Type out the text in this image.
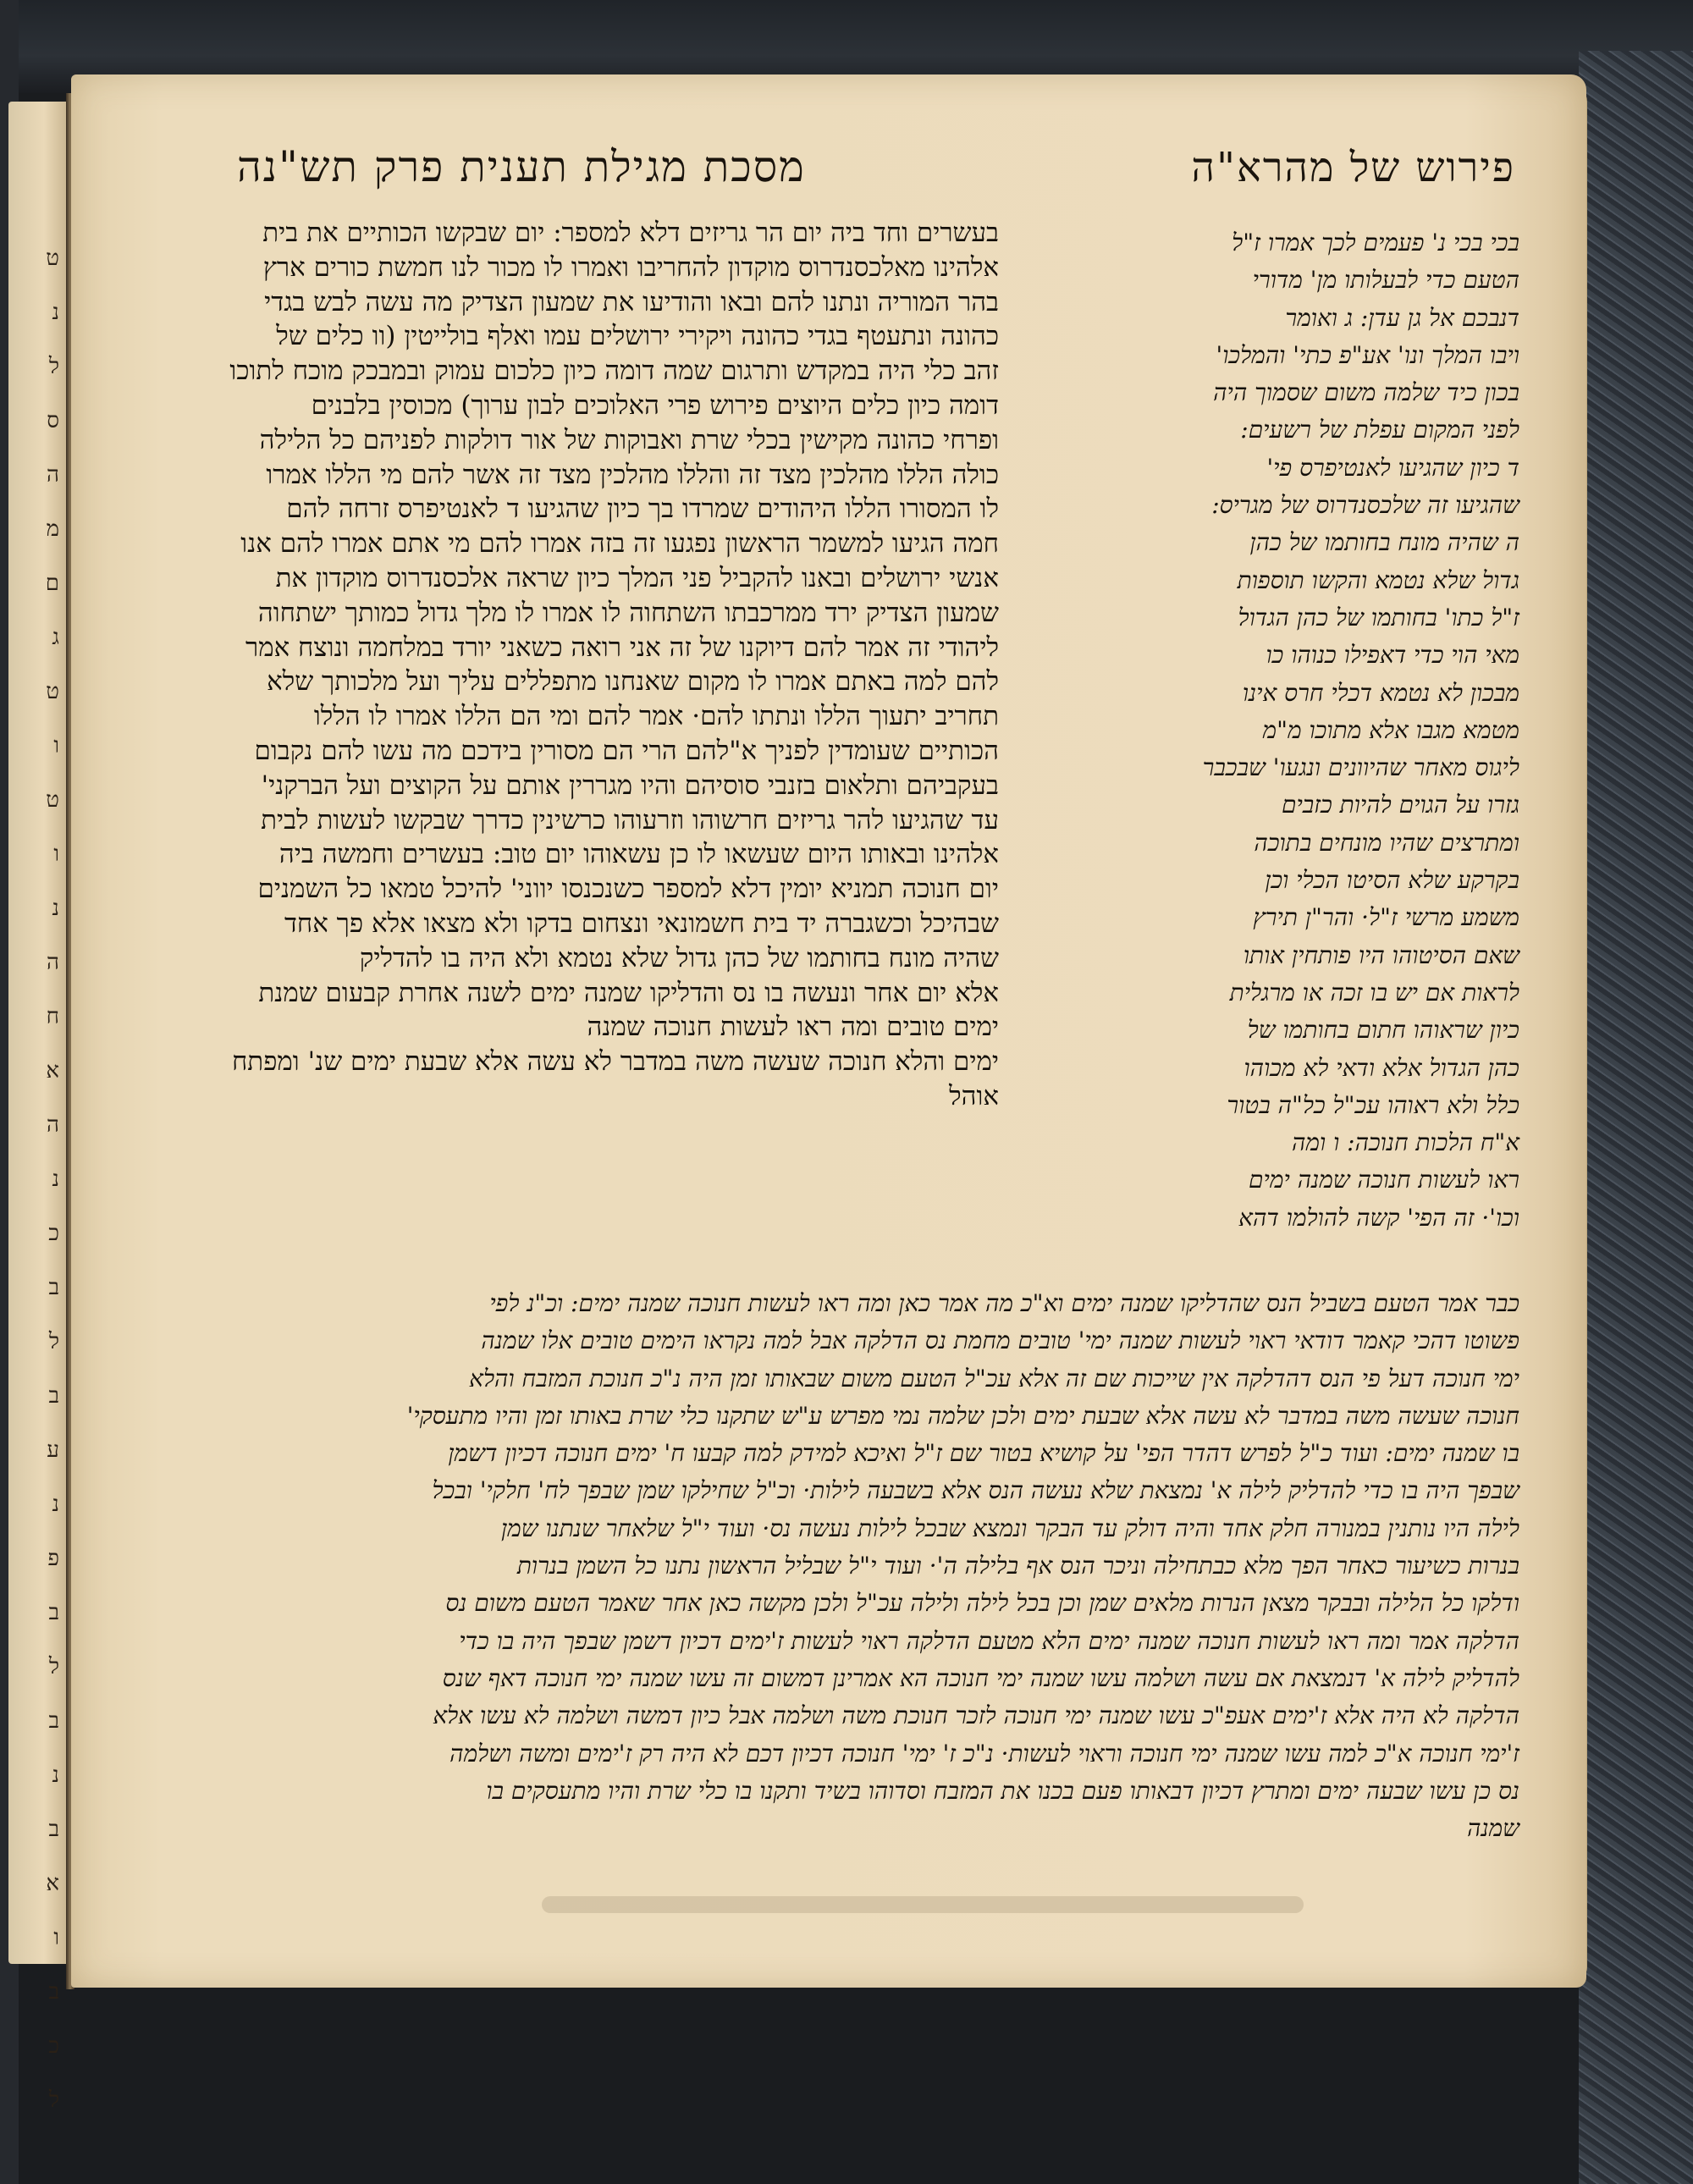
ט
נ
ל
ס
ה
מ
ם
ג
ט
ו
ט
ו
נ
ה
ח
א
ה
נ
כ
ב
ל
ב
ע
נ
פ
ב
ל
ב
נ
ב
א
ו
ב
כ
ל
מסכת מגילת תענית פרק תש"נה	פירוש של מהרא"ה
בעשרים וחד ביה יום הר גריזים דלא למספר: יום שבקשו הכותיים את בית
אלהינו מאלכסנדרוס מוקדון להחריבו ואמרו לו מכור לנו חמשת כורים ארץ
בהר המוריה ונתנו להם ובאו והודיעו את שמעון הצדיק מה עשה לבש בגדי
כהונה ונתעטף בגדי כהונה ויקירי ירושלים עמו ואלף בולייטין (וו כלים של
זהב כלי היה במקדש ותרגום שמה דומה כיון כלכום עמוק ובמבכק מוכח לתוכו
דומה כיון כלים היוצים פירוש פרי האלוכים לבון ערוך) מכוסין בלבנים
ופרחי כהונה מקישין בכלי שרת ואבוקות של אור דולקות לפניהם כל הלילה
כולה הללו מהלכין מצד זה והללו מהלכין מצד זה אשר להם מי הללו אמרו
לו המסורו הללו היהודים שמרדו בך כיון שהגיעו ד לאנטיפרס זרחה להם
חמה הגיעו למשמר הראשון נפגעו זה בזה אמרו להם מי אתם אמרו להם אנו
אנשי ירושלים ובאנו להקביל פני המלך כיון שראה אלכסנדרוס מוקדון את
שמעון הצדיק ירד ממרכבתו השתחוה לו אמרו לו מלך גדול כמותך ישתחוה
ליהודי זה אמר להם דיוקנו של זה אני רואה כשאני יורד במלחמה ונוצח אמר
להם למה באתם אמרו לו מקום שאנחנו מתפללים עליך ועל מלכותך שלא
תחריב יתעוך הללו ונתתו להם· אמר להם ומי הם הללו אמרו לו הללו
הכותיים שעומדין לפניך א"להם הרי הם מסורין בידכם מה עשו להם נקבום
בעקביהם ותלאום בזנבי סוסיהם והיו מגררין אותם על הקוצים ועל הברקני'
עד שהגיעו להר גריזים חרשוהו וזרעוהו כרשינין כדרך שבקשו לעשות לבית
אלהינו ובאותו היום שעשאו לו כן עשאוהו יום טוב: בעשרים וחמשה ביה
יום חנוכה תמניא יומין דלא למספר כשנכנסו יווני' להיכל טמאו כל השמנים
שבהיכל וכשגברה יד בית חשמונאי ונצחום בדקו ולא מצאו אלא פך אחד
שהיה מונח בחותמו של כהן גדול שלא נטמא ולא היה בו להדליק
אלא יום אחר ונעשה בו נס והדליקו שמנה ימים לשנה אחרת קבעום שמנת
ימים טובים ומה ראו לעשות חנוכה שמנה
ימים והלא חנוכה שעשה משה במדבר לא עשה אלא שבעת ימים שנ' ומפתח
אוהל
בכי בכי נ' פעמים לכך אמרו ז"ל
הטעם כדי לבעלותו מן' מדורי
דנבכם אל גן עדן: ג ואומר
ויבו המלך ונו' אע"פ כתי' והמלכו'
בכון כיד שלמה משום שסמוך היה
לפני המקום עפלת של רשעים:
ד כיון שהגיעו לאנטיפרס פי'
שהגיעו זה שלכסנדרוס של מגריס:
ה שהיה מונח בחותמו של כהן
גדול שלא נטמא והקשו תוספות
ז"ל כתו' בחותמו של כהן הגדול
מאי הוי כדי דאפילו כנוהו כו
מבכון לא נטמא דכלי חרס אינו
מטמא מגבו אלא מתוכו מ"מ
ליגוס מאחר שהיוונים ונגעו' שבכבר
גזרו על הגוים להיות כזבים
ומתרצים שהיו מונחים בתוכה
בקרקע שלא הסיטו הכלי וכן
משמע מרשי ז"ל· והר"ן תירץ
שאם הסיטוהו היו פותחין אותו
לראות אם יש בו זכה או מרגלית
כיון שראוהו חתום בחותמו של
כהן הגדול אלא ודאי לא מכוהו
כלל ולא ראוהו עכ"ל כל"ה בטור
א"ח הלכות חנוכה: ו ומה
ראו לעשות חנוכה שמנה ימים
וכו'· זה הפי' קשה להולמו דהא
כבר אמר הטעם בשביל הנס שהדליקו שמנה ימים וא"כ מה אמר כאן ומה ראו לעשות חנוכה שמנה ימים: וכ"נ לפי
פשוטו דהכי קאמר דודאי ראוי לעשות שמנה ימי' טובים מחמת נס הדלקה אבל למה נקראו הימים טובים אלו שמנה
ימי חנוכה דעל פי הנס דהדלקה אין שייכות שם זה אלא עכ"ל הטעם משום שבאותו זמן היה נ"כ חנוכת המזבח והלא
חנוכה שעשה משה במדבר לא עשה אלא שבעת ימים ולכן שלמה נמי מפרש ע"ש שתקנו כלי שרת באותו זמן והיו מתעסקי'
בו שמנה ימים: ועוד כ"ל לפרש דהדר הפי' על קושיא בטור שם ז"ל ואיכא למידק למה קבעו ח' ימים חנוכה דכיון דשמן
שבפך היה בו כדי להדליק לילה א' נמצאת שלא נעשה הנס אלא בשבעה לילות· וכ"ל שחילקו שמן שבפך לח' חלקי' ובכל
לילה היו נותנין במנורה חלק אחד והיה דולק עד הבקר ונמצא שבכל לילות נעשה נס· ועוד י"ל שלאחר שנתנו שמן
בנרות כשיעור כאחר הפך מלא כבתחילה וניכר הנס אף בלילה ה'· ועוד י"ל שבליל הראשון נתנו כל השמן בנרות
ודלקו כל הלילה ובבקר מצאן הנרות מלאים שמן וכן בכל לילה ולילה עכ"ל ולכן מקשה כאן אחר שאמר הטעם משום נס
הדלקה אמר ומה ראו לעשות חנוכה שמנה ימים הלא מטעם הדלקה ראוי לעשות ז'ימים דכיון דשמן שבפך היה בו כדי
להדליק לילה א' דנמצאת אם עשה ושלמה עשו שמנה ימי חנוכה הא אמרינן דמשום זה עשו שמנה ימי חנוכה דאף שנס
הדלקה לא היה אלא ז'ימים אעפ"כ עשו שמנה ימי חנוכה לזכר חנוכת משה ושלמה אבל כיון דמשה ושלמה לא עשו אלא
ז'ימי חנוכה א"כ למה עשו שמנה ימי חנוכה וראוי לעשות· נ"כ ז' ימי' חנוכה דכיון דכם לא היה רק ז'ימים ומשה ושלמה
נס כן עשו שבעה ימים ומתרץ דכיון דבאותו פעם בכנו את המזבח וסדוהו בשיד ותקנו בו כלי שרת והיו מתעסקים בו
שמנה
